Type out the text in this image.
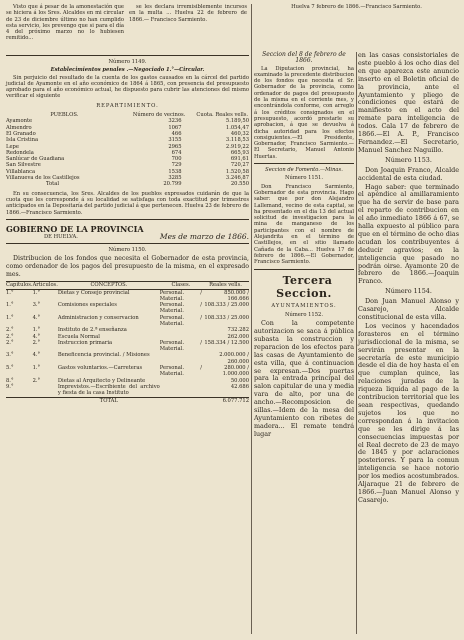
Visto que á pesar de la amonestación que se hiciera á los Sres. Alcaldes en mi circular de 23 de diciembre último no han cumplido esta servicio, les prevengo que si para el día 4 del próximo marzo no lo hubiesen remitido...

se les declara irremisiblemente incursos en la multa ... Huelva 22 de febrero de 1866.— Francisco Sarmiento.

Huelva 7 febrero de 1866.—Francisco Sarmiento.

Número 1149.

Establecimientos penales .—Negociado 1.°—Circular.

Sin perjuicio del resultado de la cuenta de los gastos causados en la cárcel del partido judicial de Ayamonte en el año económico de 1864 á 1865, con presencia del presupuesto aprobado para el año económico actual, he dispuesto para cubrir las atenciones del mismo verificar el siguiente

REPARTIMIENTO.

PUEBLOS.	Número de vecinos.	Cuota. Reales vells.
Ayamonte	3236	5.189,50
Almendro	1067	1.054,47
El Granado	466	460,32
Isla Cristina	3155	3.118,53
Lepe	2965	2.919,22
Redondela	674	665,93
Sanlúcar de Guadiana	700	691,61
San Silvestre	729	720,27
Villablanca	1538	1.520,58
Villanueva de los Castillejos	3285	3.246,87
Total	20.799	20.550

En su consecuencia, los Sres. Alcaldes de los pueblos expresados cuidarán de que la cuota que les corresponde á su localidad se satisfaga con toda exactitud por trimestres anticipados en la Depositaría del partido judicial á que pertenecen. Huelva 23 de febrero de 1866.—Francisco Sarmiento.

GOBIERNO DE LA PROVINCIA
DE HUELVA.	Mes de marzo de 1866.

Número 1150.

Distribucion de los fondos que necesita el Gobernador de esta provincia, como ordenador de los pagos del presupuesto de la misma, en el expresado mes.

Capítulos.	Artículos.	CONCEPTOS.	Clases.	Reales vells.
1.°	1.°	Dietas y Consejo provincial	Personal. / Material.	850.000 / 166.666
1.°	3.°	Comisiones especiales	Personal. / Material.	108.333 / 25.000
1.°	4.°	Administracion y conservacion	Personal. / Material.	108.333 / 25.000
2.°	1.°	Instituto de 2.ª enseñanza		732.282
2.°	4.°	Escuela Normal		262.000
2.°	2.°	Instruccion primaria	Personal. / Material.	158.334 / 12.500
3.°	4.°	Beneficencia provincial. / Misiones		2.000.000 / 260.000
5.°	1.°	Gastos voluntarios.—Carreteras	Personal. / Material.	280.000 / 1.000.000
8.°	2.°	Dietas al Arquitecto y Delineante		50.000
9.°		Imprevistos.—Escribiente del archivo y fiesta de la casa Instituto		42.686
		TOTAL		6.077.712

Seccion del 8 de febrero de 1866.

La Diputacion provincial, ha examinado la precedente distribucion de los fondos que necesita el Sr. Gobernador de la provincia, como ordenador de pagos del presupuesto de la misma en el corriente mes, y encontrándola conforme, con arreglo á los créditos consignados en el presupuesto, acordó prestarle su aprobacion, á que se devuelva á dicha autoridad para los efectos consiguientes.—El Presidente, Gobernador, Francisco Sarmiento.—El Secretario, Manuel Antonio Huertas.

Seccion de Fomento.—Minas.

Número 1151.

Don Francisco Sarmiento, Gobernador de esta provincia. Hago saber: que por don Alejandro Lallemand, vecino de esta capital, se ha presentado en el dia 13 del actual solicitud de investigacion para la mina de manganeso de los participantes con el nombre de Alejandrita en el término de Castillejos, en el sitio llamado Cañada de la Caba... Huelva 17 de febrero de 1866.—El Gobernador, Francisco Sarmiento.

Tercera Seccion.

AYUNTAMIENTOS.

Número 1152.

Con la competente autorizacion se saca á pública subasta la construccion y reparacion de los efectos para las casas de Ayuntamiento de esta villa, que á continuacion se expresan.—Dos puertas para la entrada principal del salon capitular de una y media vara de alto, por una de ancho.—Recomposicion de sillas.—Idem de la mesa del Ayuntamiento con ribetes de madera... El remate tendrá lugar

en las casas consistoriales de este pueblo á los ocho dias del en que aparezca este anuncio inserto en el Boletin oficial de la provincia, ante el Ayuntamiento y pliego de condiciones que estará de manifiesto en el acto del remate para inteligencia de todos. Cala 17 de febrero de 1866.—El A. P., Francisco Fernandez.—El Secretario, Manuel Sanchez Naguillo.

Número 1153.

Don Joaquin Franco, Alcalde accidental de esta ciudad.

Hago saber: que terminado el apéndice al amillaramiento que ha de servir de base para el reparto de contribucion en el año inmediato 1866 á 67, se halla expuesto al público para que en el término de ocho dias acudan los contribuyentes á deducir agravios; en la inteligencia que pasado no podrán oirse. Ayamonte 20 de febrero de 1866.—Joaquin Franco.

Número 1154.

Don Juan Manuel Alonso y Casarejo, Alcalde constitucional de esta villa.

Los vecinos y hacendados forasteros en el término jurisdiccional de la misma, se servirán presentar en la secretaría de este municipio desde el dia de hoy hasta el en que cumplan quince, las relaciones juradas de la riqueza liquida al pago de la contribucion territorial que les sean respectivas, quedando sujetos los que no correspondan á la invitacion que se les dirige á las consecuencias impuestas por el Real decreto de 23 de mayo de 1845 y por aclaraciones posteriores. Y para la comun inteligencia se hace notorio por los medios acostumbrados. Aljaraque 21 de febrero de 1866.—Juan Manuel Alonso y Casarejo.
